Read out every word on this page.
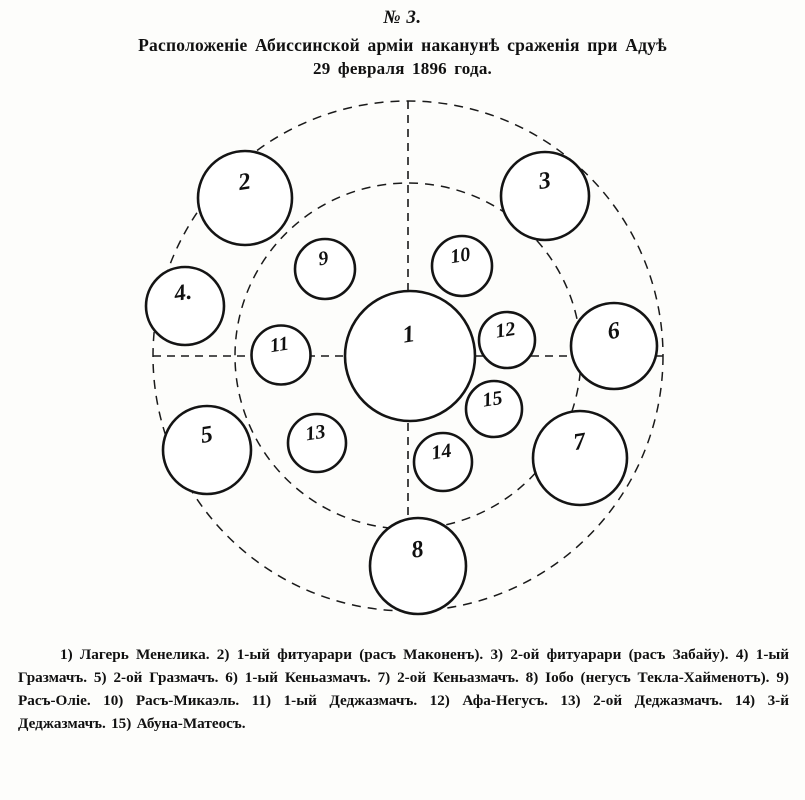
№ 3.
Расположеніе Абиссинской арміи наканунѣ сраженія при Адуѣ
29 февраля 1896 года.
1
2	3
4.
5
6
7
8
9	10
11
12
13
14
15

1) Лагерь Менелика. 2) 1-ый фитуарари (расъ Маконенъ). 3) 2-ой фитуарари (расъ Забайу). 4) 1-ый Гразмачъ. 5) 2-ой Гразмачъ. 6) 1-ый Кеньазмачъ. 7) 2-ой Кеньазмачъ. 8) Іобо (негусъ Текла-Хайменотъ). 9) Расъ-Оліе. 10) Расъ-Микаэль. 11) 1-ый Деджазмачъ. 12) Афа-Негусъ. 13) 2-ой Деджазмачъ. 14) 3-й Деджазмачъ. 15) Абуна-Матеосъ.
